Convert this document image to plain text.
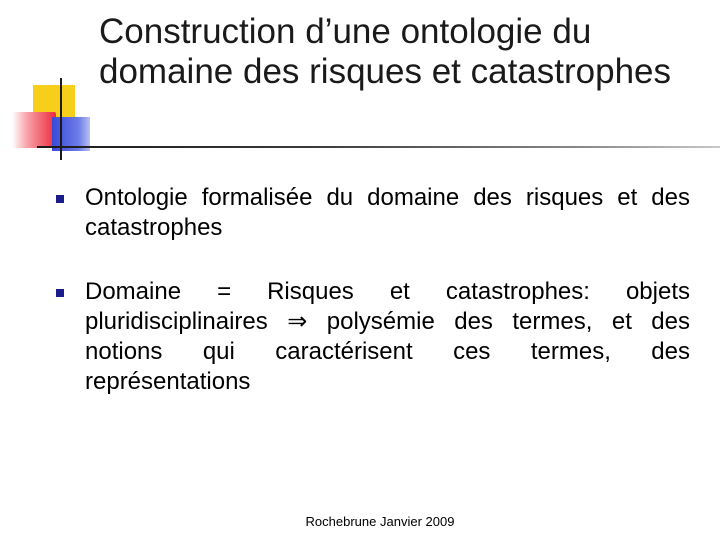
Construction d’une ontologie du domaine des risques et catastrophes
Ontologie formalisée du domaine des risques et des catastrophes
Domaine = Risques et catastrophes: objets pluridisciplinaires ⇒ polysémie des termes, et des notions qui caractérisent ces termes, des représentations
Rochebrune Janvier 2009
